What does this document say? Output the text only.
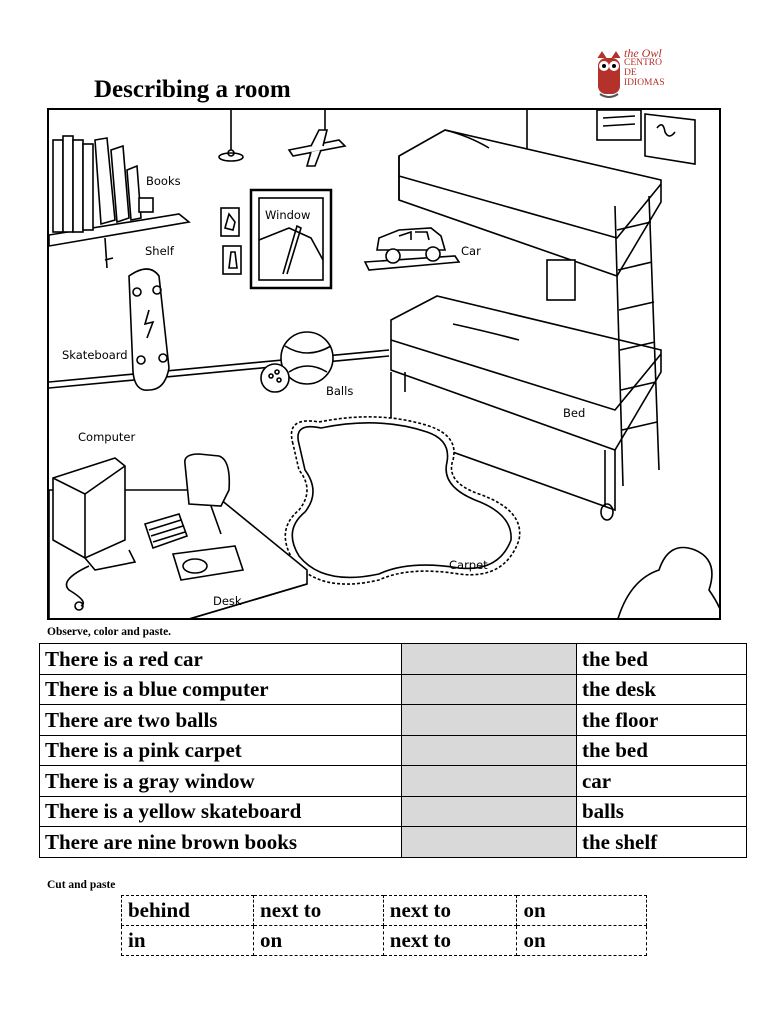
Describing a room
the Owl
CENTRO
DE
IDIOMAS
Books
Shelf
Window
Car
Skateboard
Balls
Bed
Computer
Carpet
Desk
Observe, color and paste.
There is a red car		the bed
There is a blue computer		the desk
There are two balls		the floor
There is a pink carpet		the bed
There is a gray window		car
There is a yellow skateboard		balls
There are nine brown books		the shelf
Cut and paste
behind	next to	next to	on
in	on	next to	on
